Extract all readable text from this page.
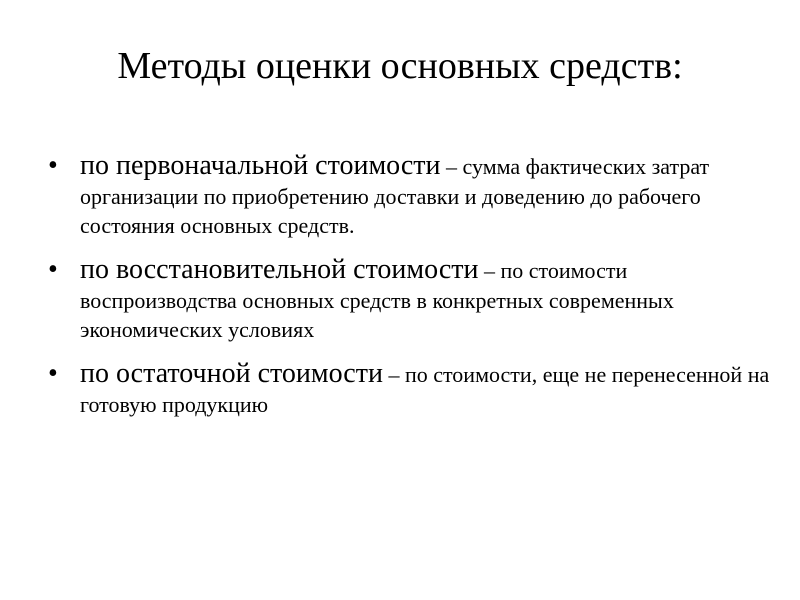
Методы оценки основных средств:
• по первоначальной стоимости – сумма фактических затрат организации по приобретению доставки и доведению до рабочего состояния основных средств.
• по восстановительной стоимости – по стоимости воспроизводства основных средств в конкретных современных экономических условиях
• по остаточной стоимости – по стоимости, еще не перенесенной на готовую продукцию
